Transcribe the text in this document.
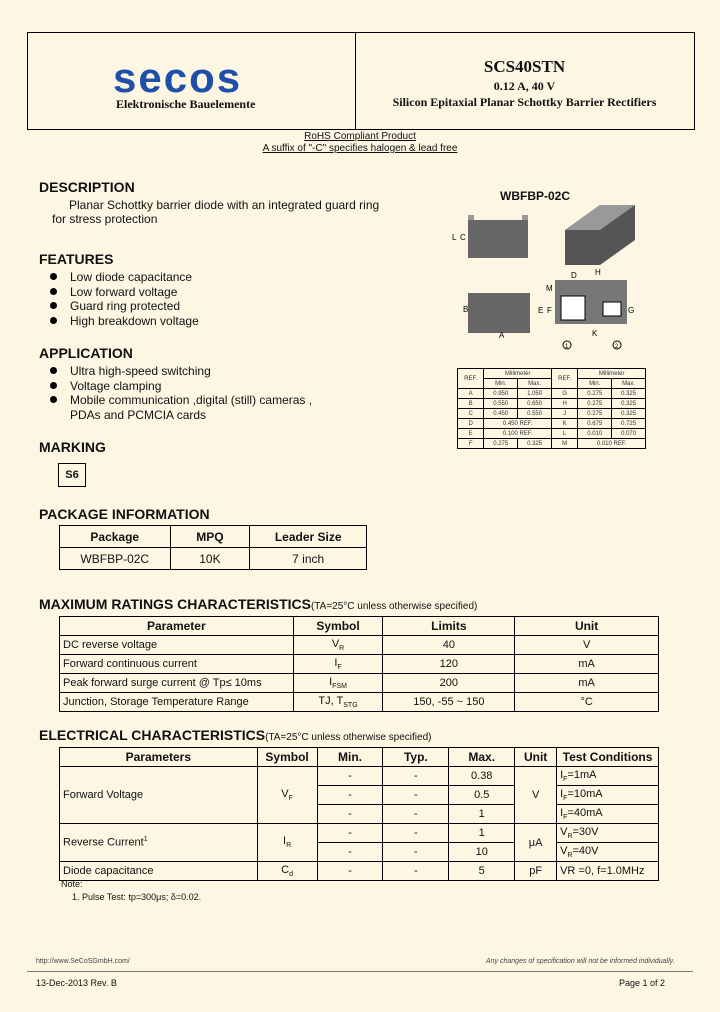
secos
Elektronische Bauelemente
SCS40STN
0.12 A, 40 V
Silicon Epitaxial Planar Schottky Barrier Rectifiers
RoHS Compliant Product
A suffix of "-C" specifies halogen & lead free
DESCRIPTION
Planar Schottky barrier diode with an integrated guard ring
for stress protection
FEATURES
Low diode capacitance
Low forward voltage
Guard ring protected
High breakdown voltage
APPLICATION
Ultra high-speed switching
Voltage clamping
Mobile communication ,digital (still) cameras ,
PDAs and PCMCIA cards
MARKING
S6
PACKAGE INFORMATION
Package	MPQ	Leader Size
WBFBP-02C	10K	7 inch
WBFBP-02C
L C
B
A
D H
M
E F	G
K
1	2
REF.	Millimeter		REF.	Millimeter	
	Min.	Max.		Min.	Max.
A	0.950	1.050	G	0.275	0.325
B	0.550	0.650	H	0.275	0.325
C	0.450	0.550	J	0.275	0.325
D	0.450 REF.		K	0.675	0.725
E	0.100 REF.		L	0.010	0.070
F	0.275	0.325	M	0.010 REF.	
MAXIMUM RATINGS CHARACTERISTICS(TA=25°C unless otherwise specified)
Parameter	Symbol	Limits	Unit
DC reverse voltage	$V_R$	40	V
Forward continuous current	$I_F$	120	mA
Peak forward surge current @ Tp≤ 10ms	$I_{FSM}$	200	mA
Junction, Storage Temperature Range	TJ, $T_{STG}$	150, -55 ~ 150	°C
ELECTRICAL CHARACTERISTICS(TA=25°C unless otherwise specified)
Parameters	Symbol	Min.	Typ.	Max.	Unit	Test Conditions
Forward Voltage	$V_F$	-	-	0.38	V	$I_F=1mA$
		-	-	0.5		$I_F=10mA$
		-	-	1		$I_F=40mA$
Reverse Current$^1$	$I_R$	-	-	1	μA	$V_R=30V$
		-	-	10		$V_R=40V$
Diode capacitance	$C_d$	-	-	5	pF	VR =0, f=1.0MHz
Note:
1. Pulse Test: tp=300μs; δ=0.02.
http://www.SeCoSGmbH.com/	Any changes of specification will not be informed individually.
13-Dec-2013 Rev. B	Page 1 of 2
